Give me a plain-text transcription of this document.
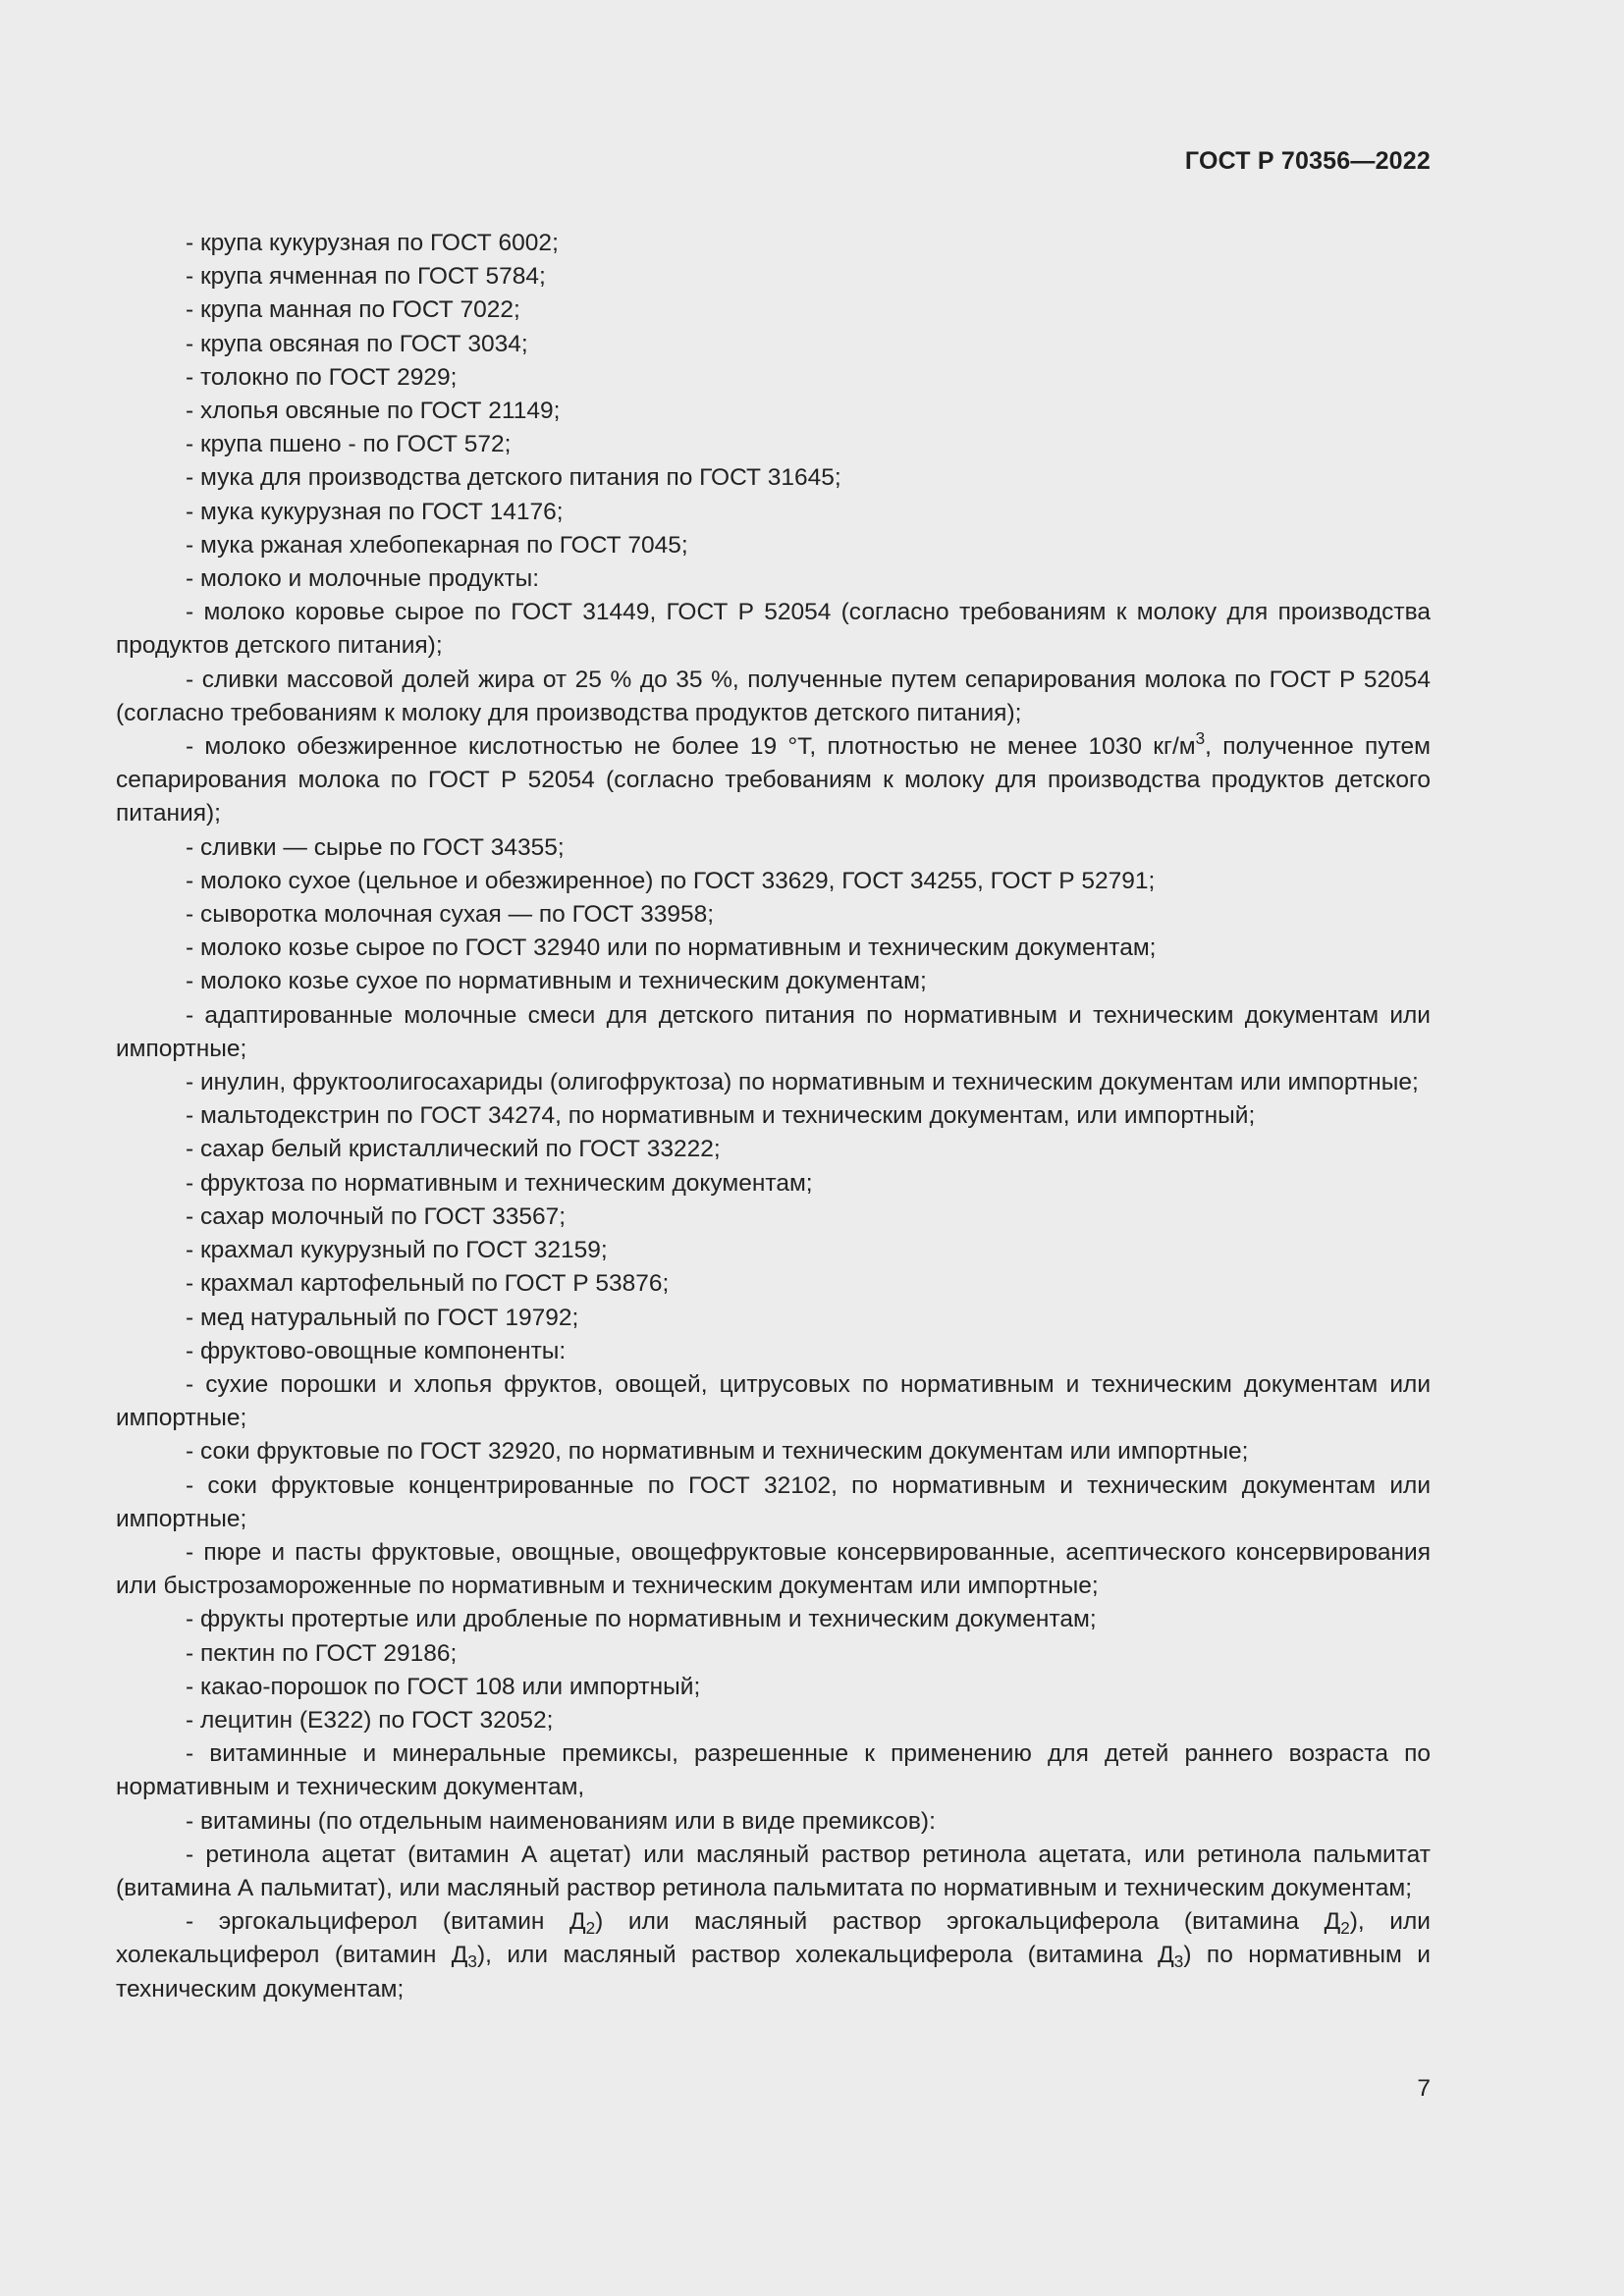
ГОСТ Р 70356—2022

- крупа кукурузная по ГОСТ 6002;

- крупа ячменная по ГОСТ 5784;

- крупа манная по ГОСТ 7022;

- крупа овсяная по ГОСТ 3034;

- толокно по ГОСТ 2929;

- хлопья овсяные по ГОСТ 21149;

- крупа пшено - по ГОСТ 572;

- мука для производства детского питания по ГОСТ 31645;

- мука кукурузная по ГОСТ 14176;

- мука ржаная хлебопекарная по ГОСТ 7045;

- молоко и молочные продукты:

- молоко коровье сырое по ГОСТ 31449, ГОСТ Р 52054 (согласно требованиям к молоку для производства продуктов детского питания);

- сливки массовой долей жира от 25 % до 35 %, полученные путем сепарирования молока по ГОСТ Р 52054 (согласно требованиям к молоку для производства продуктов детского питания);

- молоко обезжиренное кислотностью не более 19 °Т, плотностью не менее 1030 $кг/м^3$, полученное путем сепарирования молока по ГОСТ Р 52054 (согласно требованиям к молоку для производства продуктов детского питания);

- сливки — сырье по ГОСТ 34355;

- молоко сухое (цельное и обезжиренное) по ГОСТ 33629, ГОСТ 34255, ГОСТ Р 52791;

- сыворотка молочная сухая — по ГОСТ 33958;

- молоко козье сырое по ГОСТ 32940 или по нормативным и техническим документам;

- молоко козье сухое по нормативным и техническим документам;

- адаптированные молочные смеси для детского питания по нормативным и техническим документам или импортные;

- инулин, фруктоолигосахариды (олигофруктоза) по нормативным и техническим документам или импортные;

- мальтодекстрин по ГОСТ 34274, по нормативным и техническим документам, или импортный;

- сахар белый кристаллический по ГОСТ 33222;

- фруктоза по нормативным и техническим документам;

- сахар молочный по ГОСТ 33567;

- крахмал кукурузный по ГОСТ 32159;

- крахмал картофельный по ГОСТ Р 53876;

- мед натуральный по ГОСТ 19792;

- фруктово-овощные компоненты:

- сухие порошки и хлопья фруктов, овощей, цитрусовых по нормативным и техническим документам или импортные;

- соки фруктовые по ГОСТ 32920, по нормативным и техническим документам или импортные;

- соки фруктовые концентрированные по ГОСТ 32102, по нормативным и техническим документам или импортные;

- пюре и пасты фруктовые, овощные, овощефруктовые консервированные, асептического консервирования или быстрозамороженные по нормативным и техническим документам или импортные;

- фрукты протертые или дробленые по нормативным и техническим документам;

- пектин по ГОСТ 29186;

- какао-порошок по ГОСТ 108 или импортный;

- лецитин (Е322) по ГОСТ 32052;

- витаминные и минеральные премиксы, разрешенные к применению для детей раннего возраста по нормативным и техническим документам,

- витамины (по отдельным наименованиям или в виде премиксов):

- ретинола ацетат (витамин А ацетат) или масляный раствор ретинола ацетата, или ретинола пальмитат (витамина А пальмитат), или масляный раствор ретинола пальмитата по нормативным и техническим документам;

- эргокальциферол (витамин $Д_2$) или масляный раствор эргокальциферола (витамина $Д_2$), или холекальциферол (витамин $Д_3$), или масляный раствор холекальциферола (витамина $Д_3$) по нормативным и техническим документам;

7
